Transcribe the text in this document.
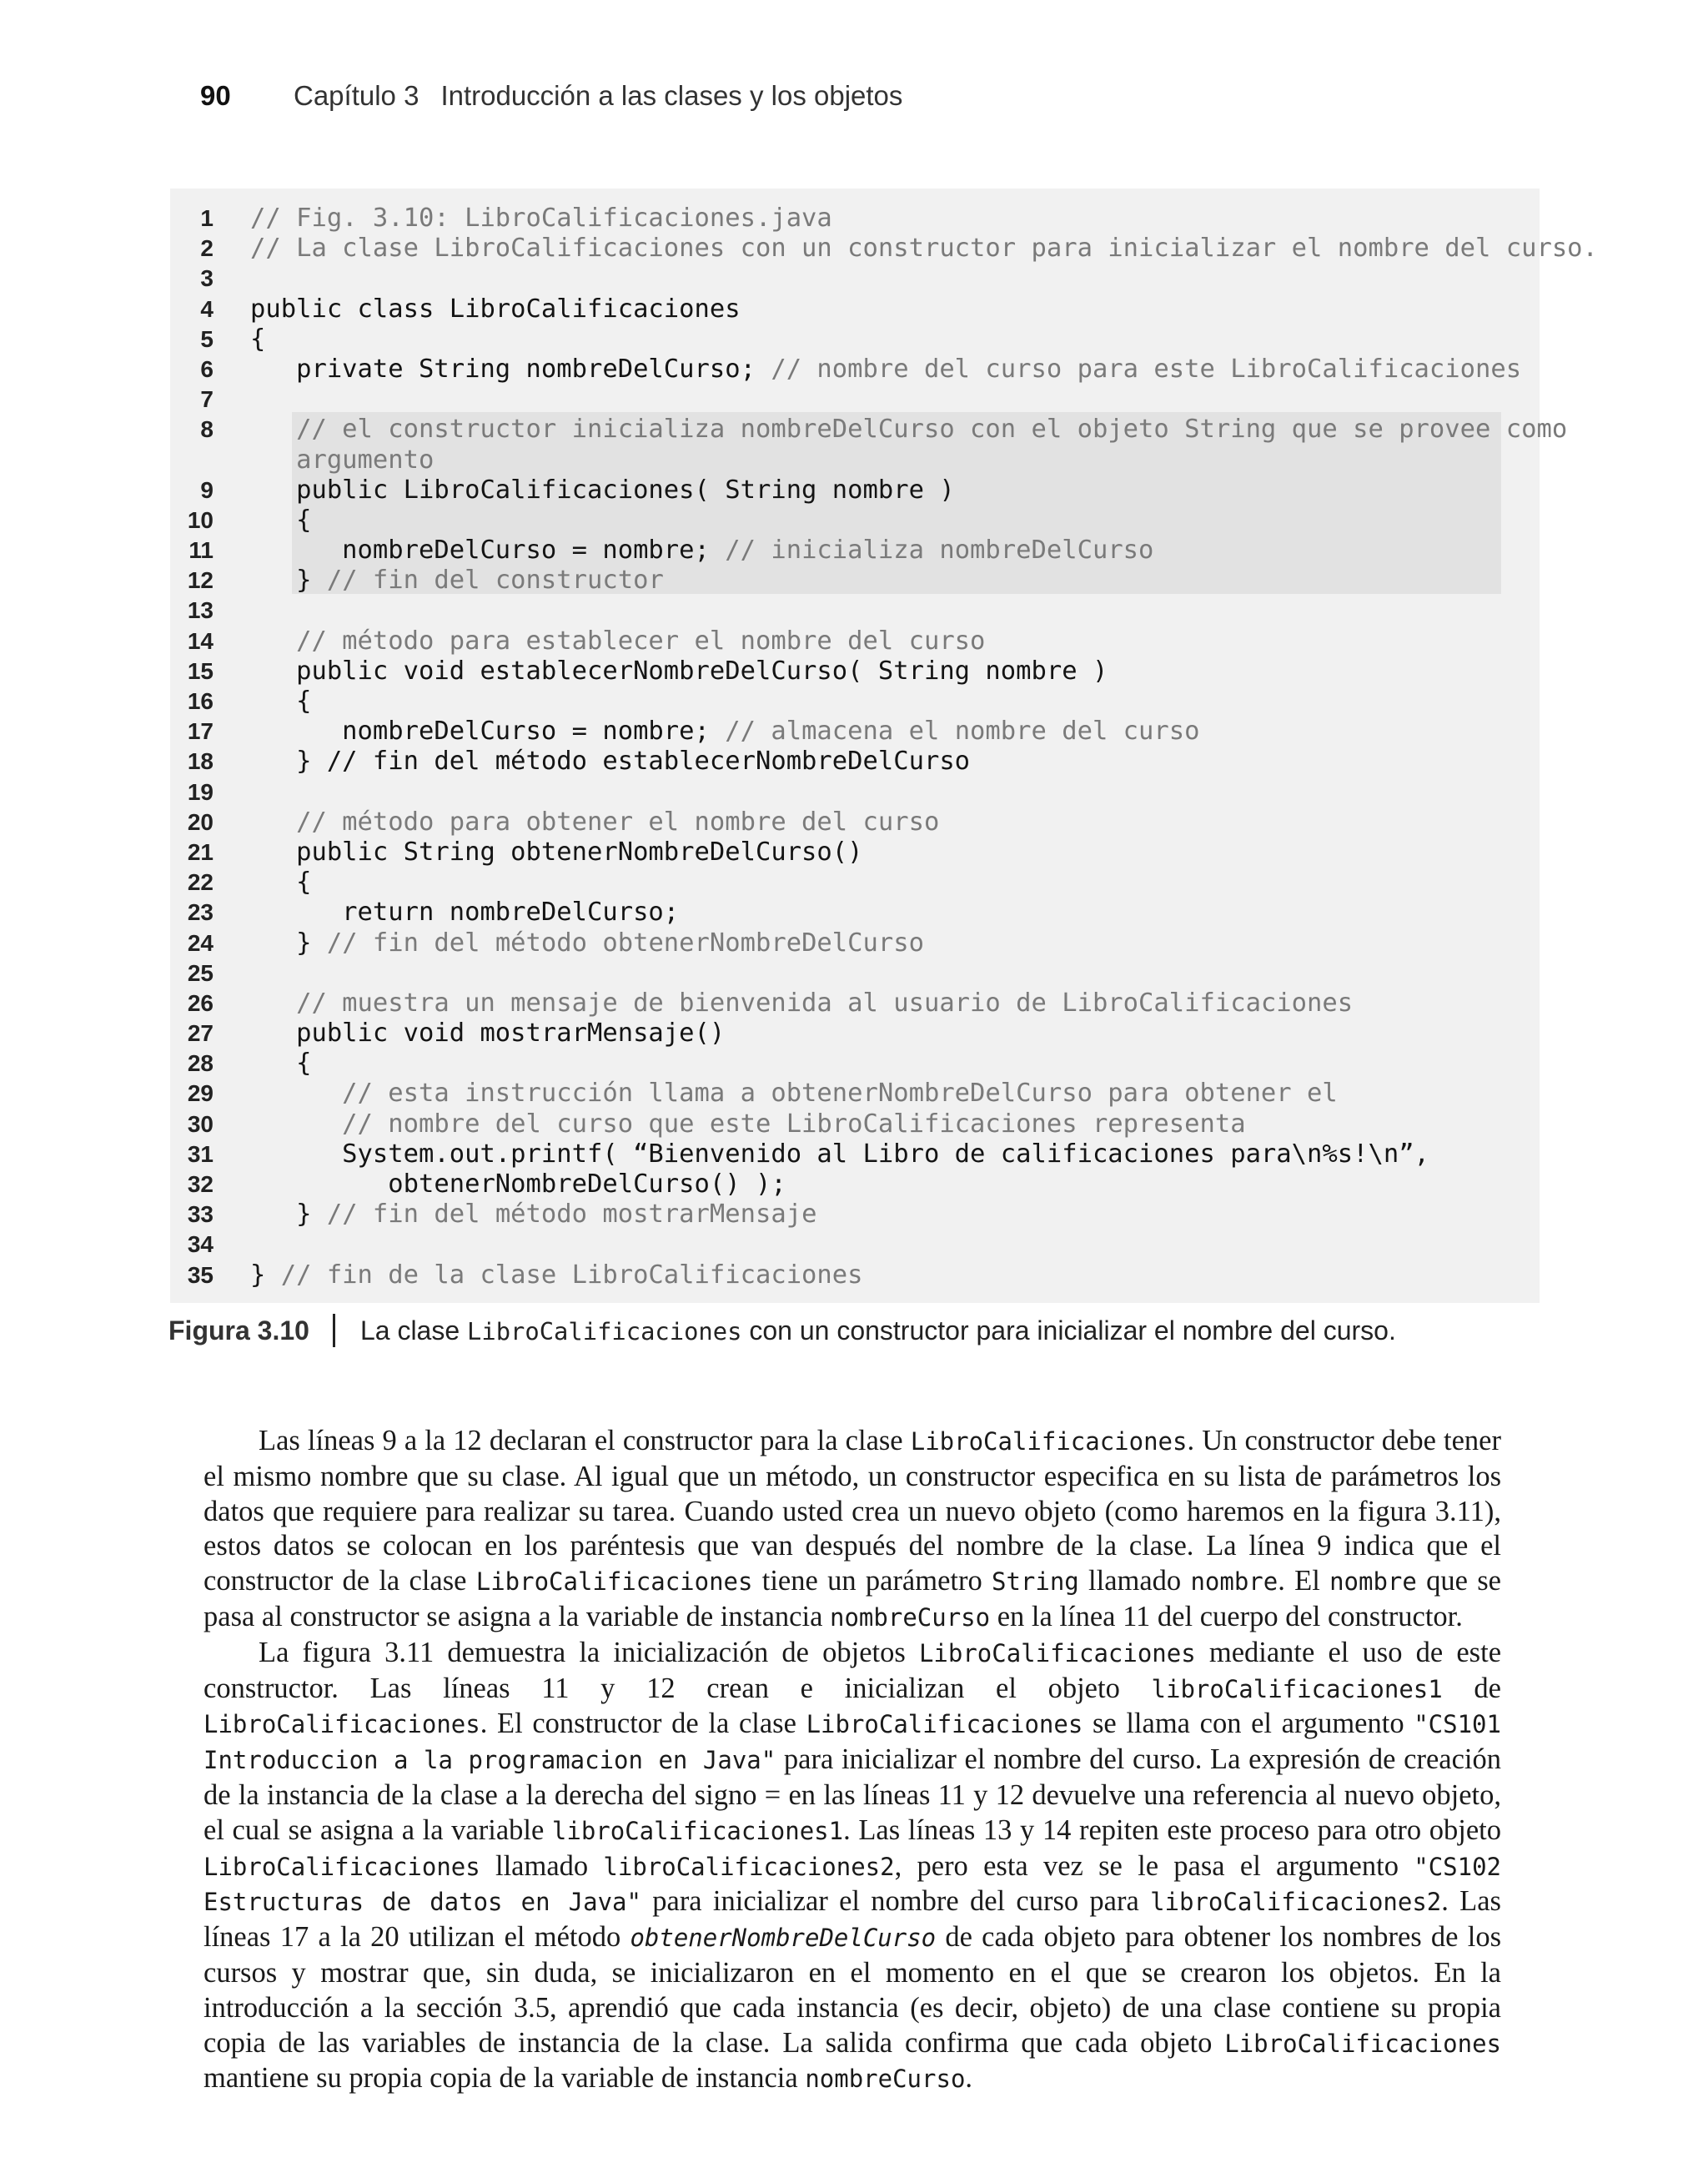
90	Capítulo 3 Introducción a las clases y los objetos
1 // Fig. 3.10: LibroCalificaciones.java
2 // La clase LibroCalificaciones con un constructor para inicializar el nombre del curso.
3
4 public class LibroCalificaciones
5 {
6 private String nombreDelCurso; // nombre del curso para este LibroCalificaciones
7
8 // el constructor inicializa nombreDelCurso con el objeto String que se provee como
argumento
9 public LibroCalificaciones( String nombre )
10 {
11 nombreDelCurso = nombre; // inicializa nombreDelCurso
12 } // fin del constructor
13
14 // método para establecer el nombre del curso
15 public void establecerNombreDelCurso( String nombre )
16 {
17 nombreDelCurso = nombre; // almacena el nombre del curso
18 } // fin del método establecerNombreDelCurso
19
20 // método para obtener el nombre del curso
21 public String obtenerNombreDelCurso()
22 {
23 return nombreDelCurso;
24 } // fin del método obtenerNombreDelCurso
25
26 // muestra un mensaje de bienvenida al usuario de LibroCalificaciones
27 public void mostrarMensaje()
28 {
29 // esta instrucción llama a obtenerNombreDelCurso para obtener el
30 // nombre del curso que este LibroCalificaciones representa
31 System.out.printf( “Bienvenido al Libro de calificaciones para\n%s!\n”,
32 obtenerNombreDelCurso() );
33 } // fin del método mostrarMensaje
34
35 } // fin de la clase LibroCalificaciones
Figura 3.10 La clase LibroCalificaciones con un constructor para inicializar el nombre del curso.

Las líneas 9 a la 12 declaran el constructor para la clase LibroCalificaciones. Un constructor debe tener el mismo nombre que su clase. Al igual que un método, un constructor especifica en su lista de parámetros los datos que requiere para realizar su tarea. Cuando usted crea un nuevo objeto (como haremos en la figura 3.11), estos datos se colocan en los paréntesis que van después del nombre de la clase. La línea 9 indica que el constructor de la clase LibroCalificaciones tiene un parámetro String llamado nombre. El nombre que se pasa al constructor se asigna a la variable de instancia nombreCurso en la línea 11 del cuerpo del constructor.

La figura 3.11 demuestra la inicialización de objetos LibroCalificaciones mediante el uso de este constructor. Las líneas 11 y 12 crean e inicializan el objeto libroCalificaciones1 de LibroCalificaciones. El constructor de la clase LibroCalificaciones se llama con el argumento "CS101 Introduccion a la programacion en Java" para inicializar el nombre del curso. La expresión de creación de la instancia de la clase a la derecha del signo = en las líneas 11 y 12 devuelve una referencia al nuevo objeto, el cual se asigna a la variable libroCalificaciones1. Las líneas 13 y 14 repiten este proceso para otro objeto LibroCalificaciones llamado libroCalificaciones2, pero esta vez se le pasa el argumento "CS102 Estructuras de datos en Java" para inicializar el nombre del curso para libroCalificaciones2. Las líneas 17 a la 20 utilizan el método obtenerNombreDelCurso de cada objeto para obtener los nombres de los cursos y mostrar que, sin duda, se inicializaron en el momento en el que se crearon los objetos. En la introducción a la sección 3.5, aprendió que cada instancia (es decir, objeto) de una clase contiene su propia copia de las variables de instancia de la clase. La salida confirma que cada objeto LibroCalificaciones mantiene su propia copia de la variable de instancia nombreCurso.
